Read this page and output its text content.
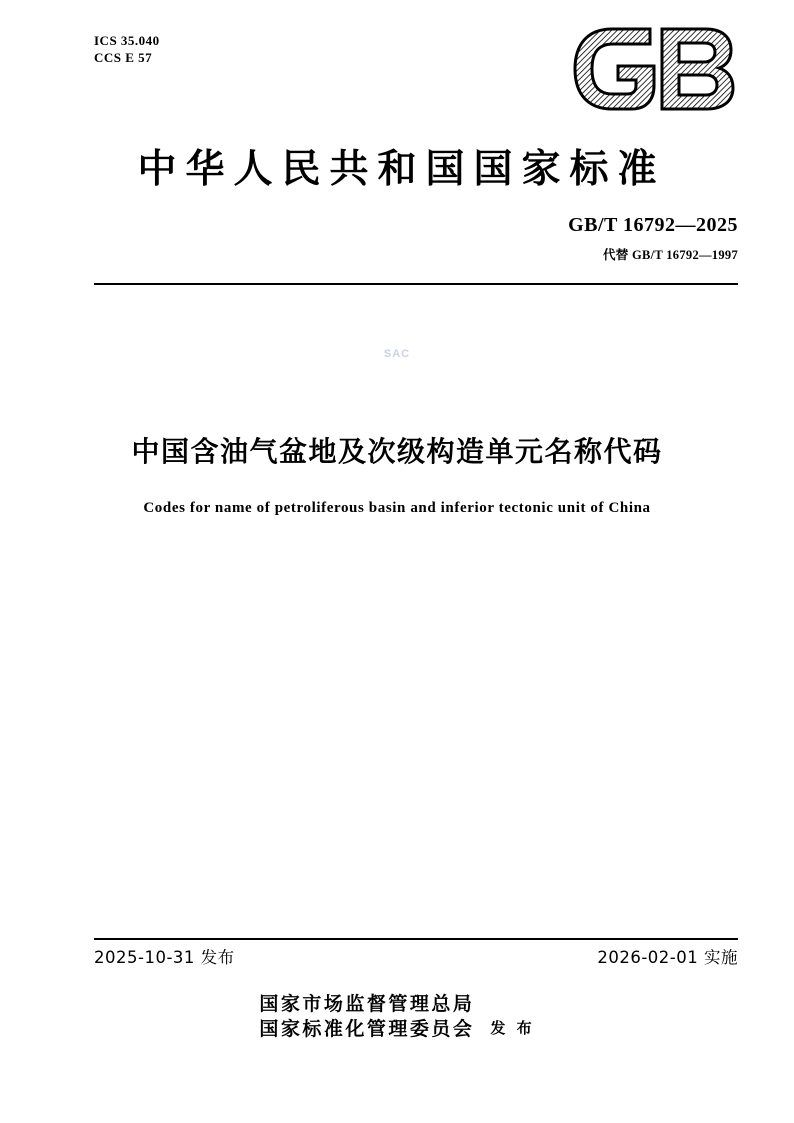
ICS 35.040
CCS E 57
中华人民共和国国家标准
GB/T 16792—2025
代替 GB/T 16792—1997
SAC
中国含油气盆地及次级构造单元名称代码
Codes for name of petroliferous basin and inferior tectonic unit of China
2025-10-31 发布	2026-02-01 实施
国家市场监督管理总局
国家标准化管理委员会 发 布
